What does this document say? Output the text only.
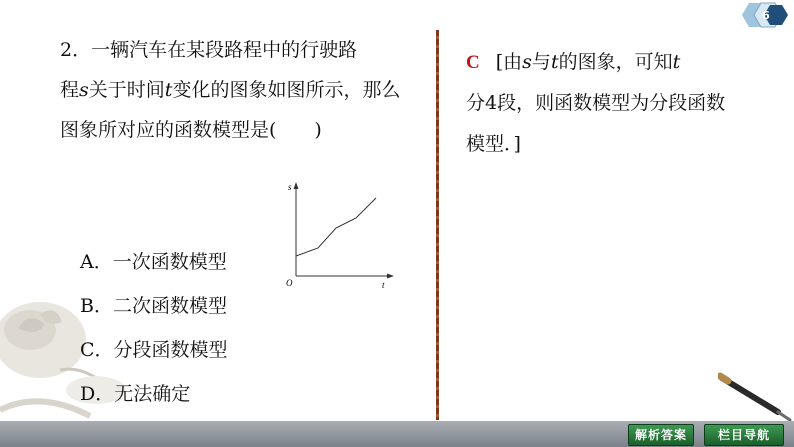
2．一辆汽车在某段路程中的行驶路
程s关于时间t变化的图象如图所示，那么
图象所对应的函数模型是(　　)
s
t
O
A．一次函数模型
B．二次函数模型
C．分段函数模型
D．无法确定
C [由s与t的图象，可知t
分4段，则函数模型为分段函数
模型．]
6
解析答案	栏目导航
